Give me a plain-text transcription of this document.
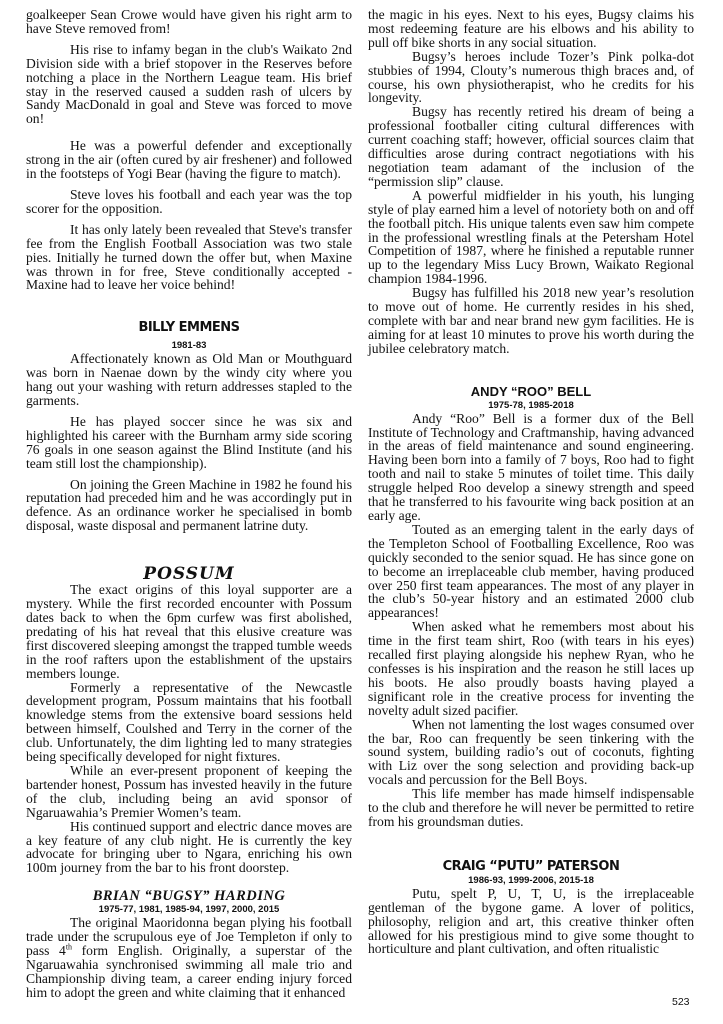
goalkeeper Sean Crowe would have given his right arm to have Steve removed from!

His rise to infamy began in the club's Waikato 2nd Division side with a brief stopover in the Reserves before notching a place in the Northern League team. His brief stay in the reserved caused a sudden rash of ulcers by Sandy MacDonald in goal and Steve was forced to move on!

He was a powerful defender and exceptionally strong in the air (often cured by air freshener) and followed in the footsteps of Yogi Bear (having the figure to match).

Steve loves his football and each year was the top scorer for the opposition.

It has only lately been revealed that Steve's transfer fee from the English Football Association was two stale pies. Initially he turned down the offer but, when Maxine was thrown in for free, Steve conditionally accepted - Maxine had to leave her voice behind!

BILLY EMMENS
1981-83

Affectionately known as Old Man or Mouthguard was born in Naenae down by the windy city where you hang out your washing with return addresses stapled to the garments.

He has played soccer since he was six and highlighted his career with the Burnham army side scoring 76 goals in one season against the Blind Institute (and his team still lost the championship).

On joining the Green Machine in 1982 he found his reputation had preceded him and he was accordingly put in defence. As an ordinance worker he specialised in bomb disposal, waste disposal and permanent latrine duty.

POSSUM

The exact origins of this loyal supporter are a mystery. While the first recorded encounter with Possum dates back to when the 6pm curfew was first abolished, predating of his hat reveal that this elusive creature was first discovered sleeping amongst the trapped tumble weeds in the roof rafters upon the establishment of the upstairs members lounge.

Formerly a representative of the Newcastle development program, Possum maintains that his football knowledge stems from the extensive board sessions held between himself, Coulshed and Terry in the corner of the club. Unfortunately, the dim lighting led to many strategies being specifically developed for night fixtures.

While an ever-present proponent of keeping the bartender honest, Possum has invested heavily in the future of the club, including being an avid sponsor of Ngaruawahia’s Premier Women’s team.

His continued support and electric dance moves are a key feature of any club night. He is currently the key advocate for bringing uber to Ngara, enriching his own 100m journey from the bar to his front doorstep.

BRIAN “BUGSY” HARDING
1975-77, 1981, 1985-94, 1997, 2000, 2015

The original Maoridonna began plying his football trade under the scrupulous eye of Joe Templeton if only to pass 4th form English. Originally, a superstar of the Ngaruawahia synchronised swimming all male trio and Championship diving team, a career ending injury forced him to adopt the green and white claiming that it enhanced

the magic in his eyes. Next to his eyes, Bugsy claims his most redeeming feature are his elbows and his ability to pull off bike shorts in any social situation.

Bugsy’s heroes include Tozer’s Pink polka-dot stubbies of 1994, Clouty’s numerous thigh braces and, of course, his own physiotherapist, who he credits for his longevity.

Bugsy has recently retired his dream of being a professional footballer citing cultural differences with current coaching staff; however, official sources claim that difficulties arose during contract negotiations with his negotiation team adamant of the inclusion of the “permission slip” clause.

A powerful midfielder in his youth, his lunging style of play earned him a level of notoriety both on and off the football pitch. His unique talents even saw him compete in the professional wrestling finals at the Petersham Hotel Competition of 1987, where he finished a reputable runner up to the legendary Miss Lucy Brown, Waikato Regional champion 1984-1996.

Bugsy has fulfilled his 2018 new year’s resolution to move out of home. He currently resides in his shed, complete with bar and near brand new gym facilities. He is aiming for at least 10 minutes to prove his worth during the jubilee celebratory match.

ANDY “ROO” BELL
1975-78, 1985-2018

Andy “Roo” Bell is a former dux of the Bell Institute of Technology and Craftmanship, having advanced in the areas of field maintenance and sound engineering. Having been born into a family of 7 boys, Roo had to fight tooth and nail to stake 5 minutes of toilet time. This daily struggle helped Roo develop a sinewy strength and speed that he transferred to his favourite wing back position at an early age.

Touted as an emerging talent in the early days of the Templeton School of Footballing Excellence, Roo was quickly seconded to the senior squad. He has since gone on to become an irreplaceable club member, having produced over 250 first team appearances. The most of any player in the club’s 50-year history and an estimated 2000 club appearances!

When asked what he remembers most about his time in the first team shirt, Roo (with tears in his eyes) recalled first playing alongside his nephew Ryan, who he confesses is his inspiration and the reason he still laces up his boots. He also proudly boasts having played a significant role in the creative process for inventing the novelty adult sized pacifier.

When not lamenting the lost wages consumed over the bar, Roo can frequently be seen tinkering with the sound system, building radio’s out of coconuts, fighting with Liz over the song selection and providing back-up vocals and percussion for the Bell Boys.

This life member has made himself indispensable to the club and therefore he will never be permitted to retire from his groundsman duties.

CRAIG “PUTU” PATERSON
1986-93, 1999-2006, 2015-18

Putu, spelt P, U, T, U, is the irreplaceable gentleman of the bygone game. A lover of politics, philosophy, religion and art, this creative thinker often allowed for his prestigious mind to give some thought to horticulture and plant cultivation, and often ritualistic

523
